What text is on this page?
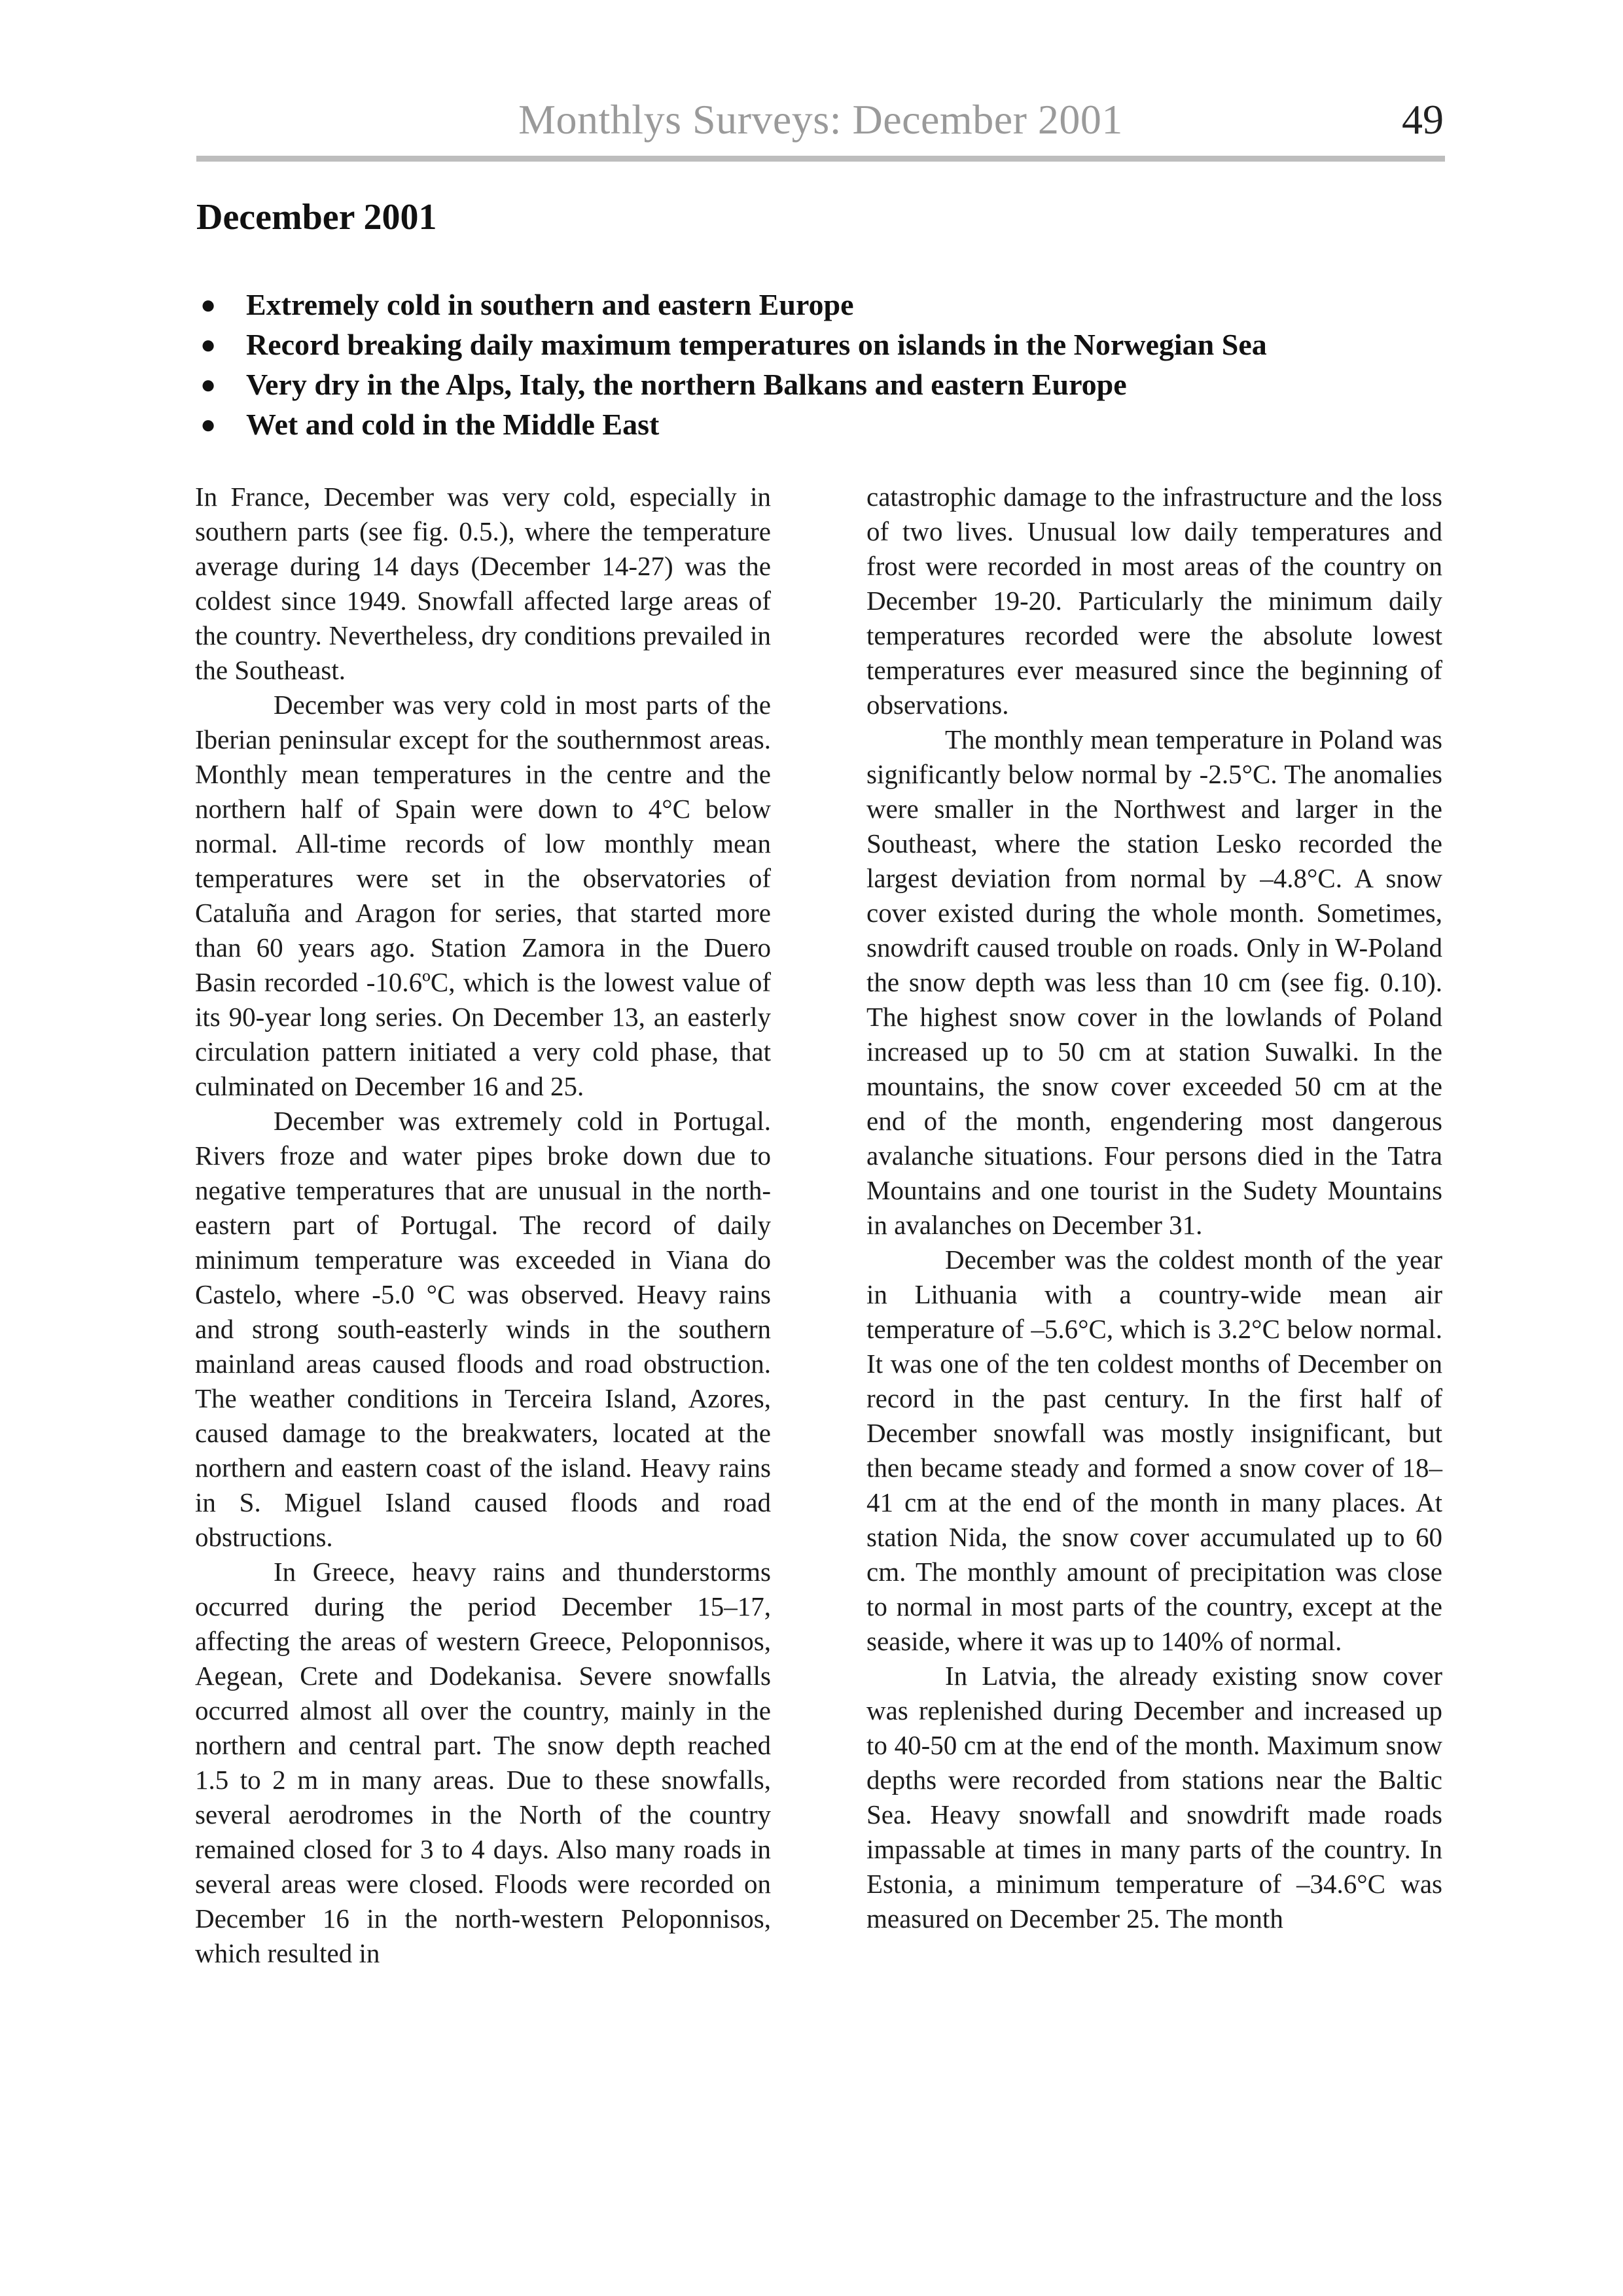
Monthlys Surveys: December 2001	49
December 2001
● Extremely cold in southern and eastern Europe
● Record breaking daily maximum temperatures on islands in the Norwegian Sea
● Very dry in the Alps, Italy, the northern Balkans and eastern Europe
● Wet and cold in the Middle East

In France, December was very cold, especially in southern parts (see fig. 0.5.), where the temperature average during 14 days (December 14-27) was the coldest since 1949. Snowfall affected large areas of the country. Nevertheless, dry conditions prevailed in the Southeast.

December was very cold in most parts of the Iberian peninsular except for the southernmost areas. Monthly mean temperatures in the centre and the northern half of Spain were down to 4°C below normal. All-time records of low monthly mean temperatures were set in the observatories of Cataluña and Aragon for series, that started more than 60 years ago. Station Zamora in the Duero Basin recorded -10.6ºC, which is the lowest value of its 90-year long series. On December 13, an easterly circulation pattern initiated a very cold phase, that culminated on December 16 and 25.

December was extremely cold in Portugal. Rivers froze and water pipes broke down due to negative temperatures that are unusual in the north-eastern part of Portugal. The record of daily minimum temperature was exceeded in Viana do Castelo, where -5.0 °C was observed. Heavy rains and strong south-easterly winds in the southern mainland areas caused floods and road obstruction. The weather conditions in Terceira Island, Azores, caused damage to the breakwaters, located at the northern and eastern coast of the island. Heavy rains in S. Miguel Island caused floods and road obstructions.

In Greece, heavy rains and thunderstorms occurred during the period December 15–17, affecting the areas of western Greece, Peloponnisos, Aegean, Crete and Dodekanisa. Severe snowfalls occurred almost all over the country, mainly in the northern and central part. The snow depth reached 1.5 to 2 m in many areas. Due to these snowfalls, several aerodromes in the North of the country remained closed for 3 to 4 days. Also many roads in several areas were closed. Floods were recorded on December 16 in the north-western Peloponnisos, which resulted in

catastrophic damage to the infrastructure and the loss of two lives. Unusual low daily temperatures and frost were recorded in most areas of the country on December 19-20. Particularly the minimum daily temperatures recorded were the absolute lowest temperatures ever measured since the beginning of observations.

The monthly mean temperature in Poland was significantly below normal by -2.5°C. The anomalies were smaller in the Northwest and larger in the Southeast, where the station Lesko recorded the largest deviation from normal by –4.8°C. A snow cover existed during the whole month. Sometimes, snowdrift caused trouble on roads. Only in W-Poland the snow depth was less than 10 cm (see fig. 0.10). The highest snow cover in the lowlands of Poland increased up to 50 cm at station Suwalki. In the mountains, the snow cover exceeded 50 cm at the end of the month, engendering most dangerous avalanche situations. Four persons died in the Tatra Mountains and one tourist in the Sudety Mountains in avalanches on December 31.

December was the coldest month of the year in Lithuania with a country-wide mean air temperature of –5.6°C, which is 3.2°C below normal. It was one of the ten coldest months of December on record in the past century. In the first half of December snowfall was mostly insignificant, but then became steady and formed a snow cover of 18–41 cm at the end of the month in many places. At station Nida, the snow cover accumulated up to 60 cm. The monthly amount of precipitation was close to normal in most parts of the country, except at the seaside, where it was up to 140% of normal.

In Latvia, the already existing snow cover was replenished during December and increased up to 40-50 cm at the end of the month. Maximum snow depths were recorded from stations near the Baltic Sea. Heavy snowfall and snowdrift made roads impassable at times in many parts of the country. In Estonia, a minimum temperature of –34.6°C was measured on December 25. The month
